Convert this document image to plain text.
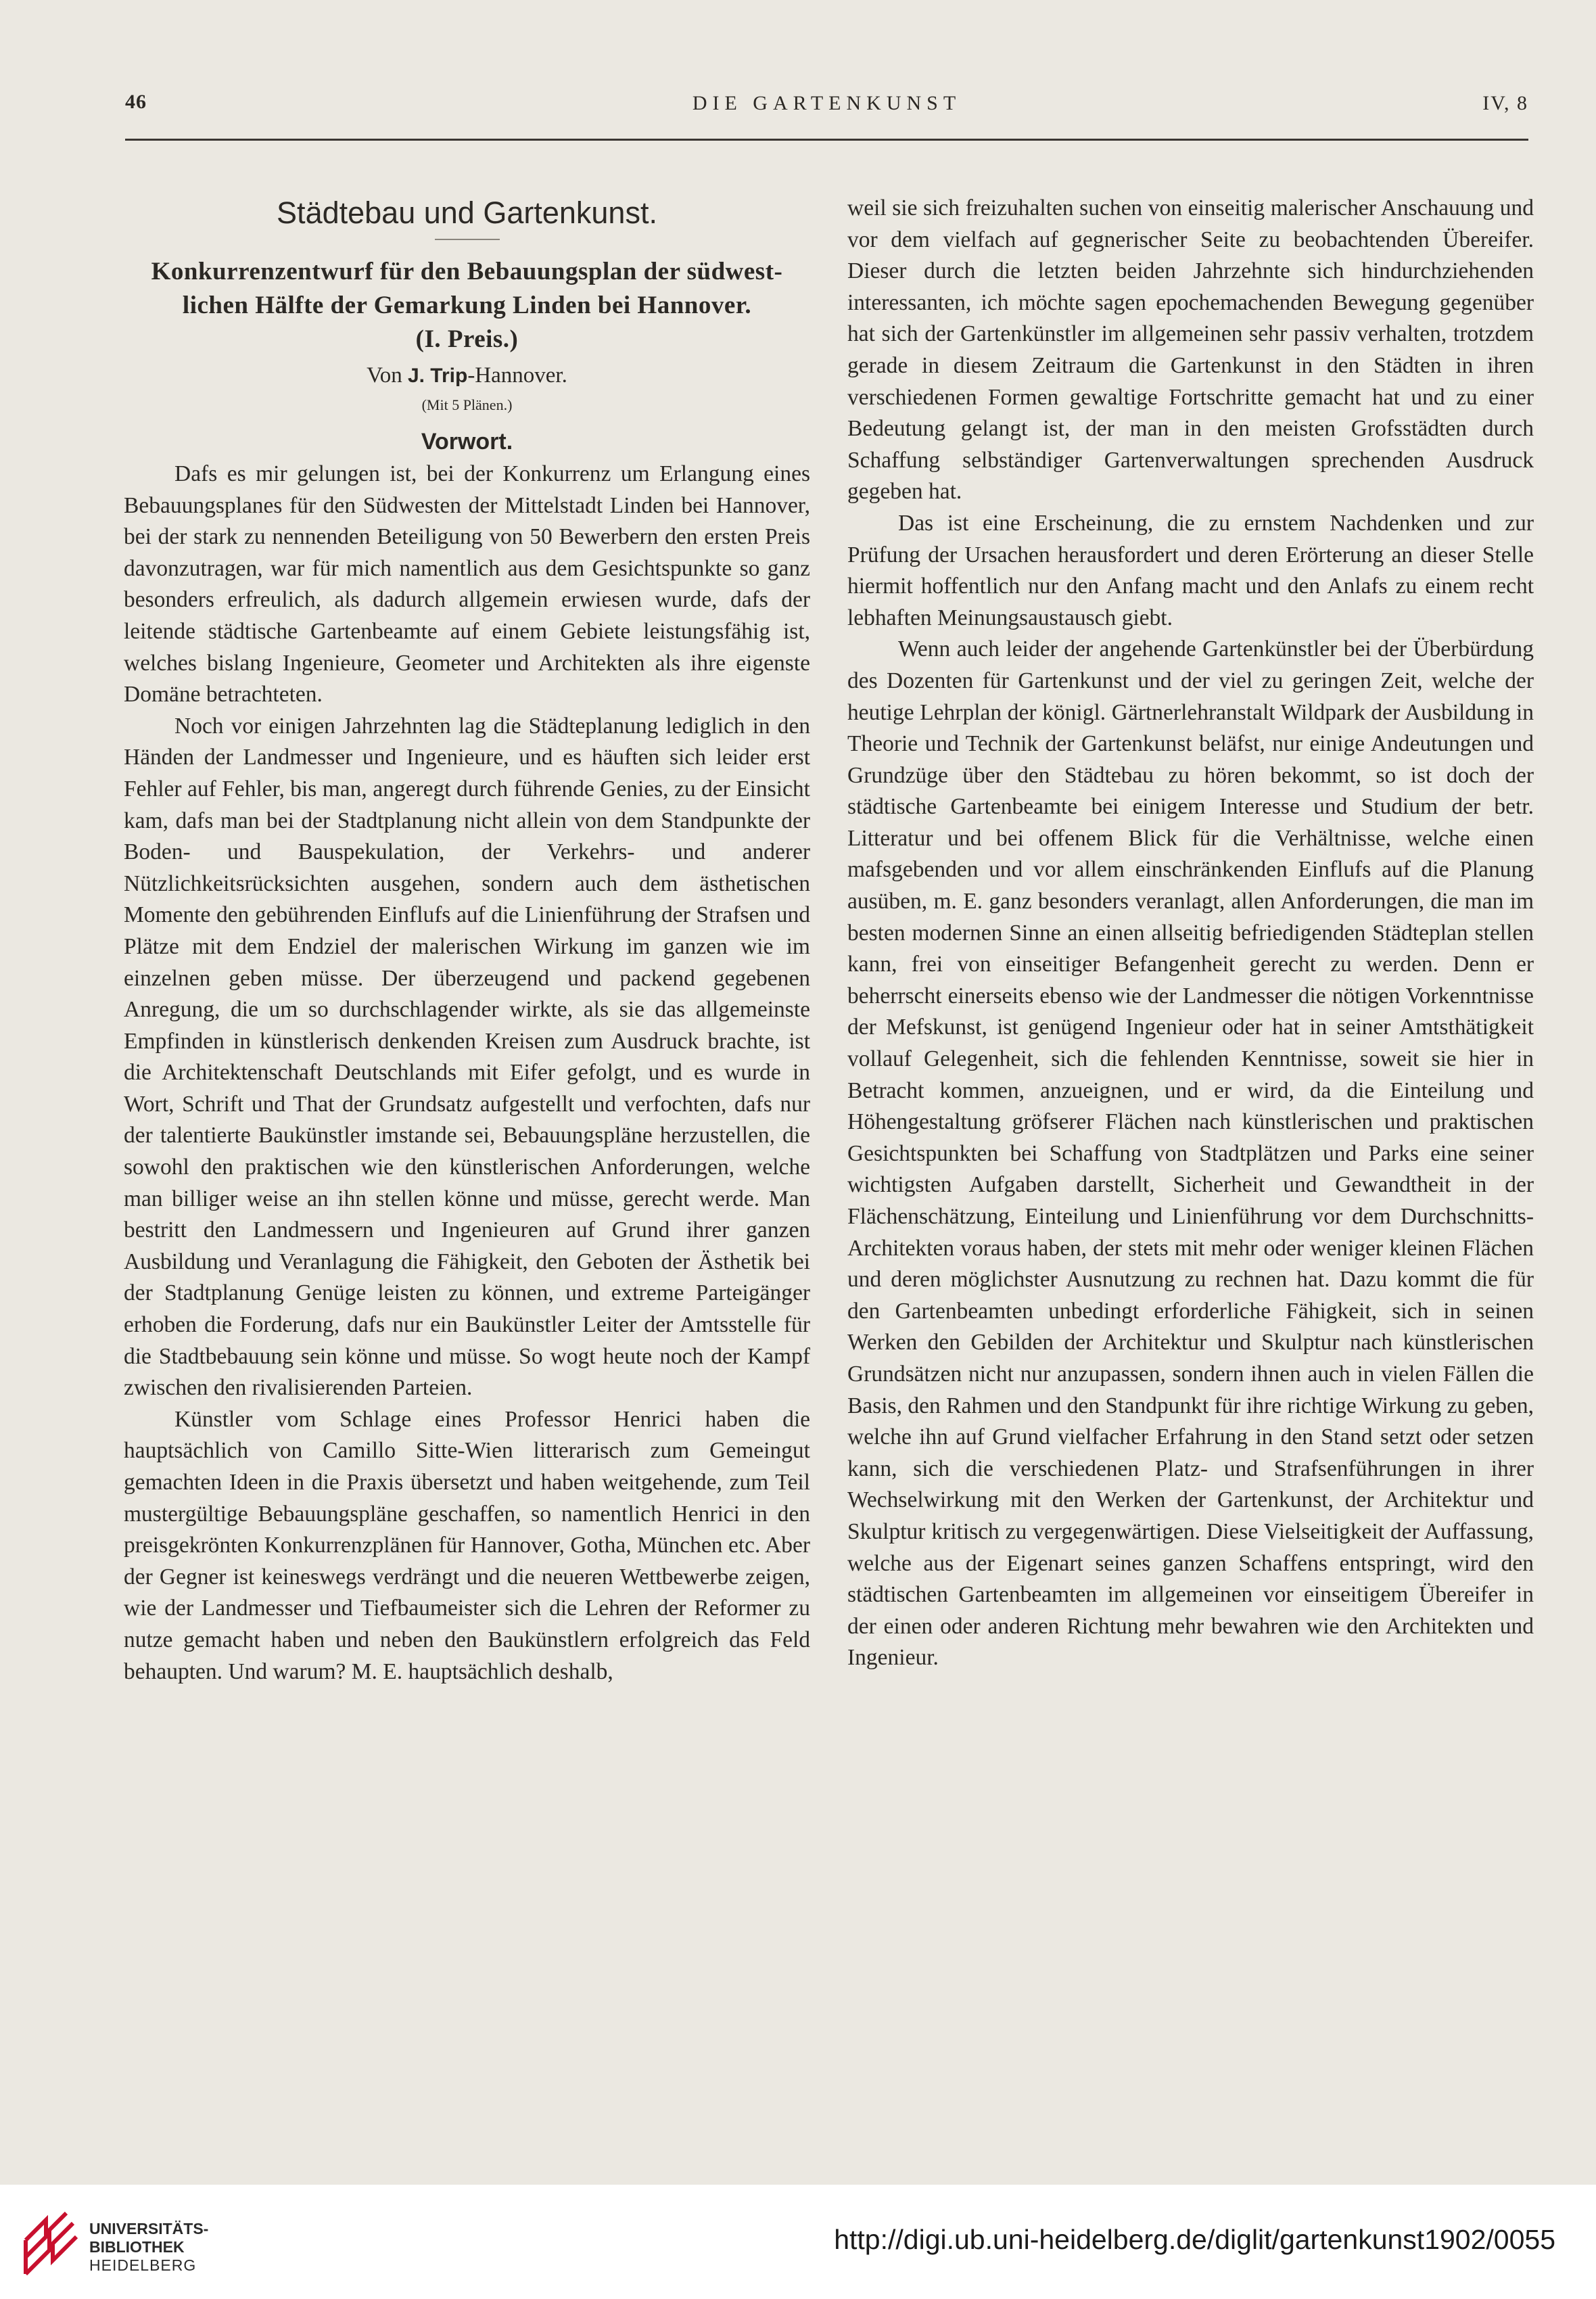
46	DIE GARTENKUNST	IV, 8
Städtebau und Gartenkunst.
Konkurrenzentwurf für den Bebauungsplan der südwest-
lichen Hälfte der Gemarkung Linden bei Hannover.
(I. Preis.)
Von J. Trip-Hannover.
(Mit 5 Plänen.)
Vorwort.

Dafs es mir gelungen ist, bei der Konkurrenz um Erlangung eines Bebauungsplanes für den Südwesten der Mittelstadt Linden bei Hannover, bei der stark zu nennenden Beteiligung von 50 Bewerbern den ersten Preis davonzutragen, war für mich namentlich aus dem Gesichtspunkte so ganz besonders erfreulich, als dadurch allgemein erwiesen wurde, dafs der leitende städtische Gartenbeamte auf einem Gebiete leistungsfähig ist, welches bislang Ingenieure, Geometer und Architekten als ihre eigenste Domäne betrachteten.

Noch vor einigen Jahrzehnten lag die Städteplanung lediglich in den Händen der Landmesser und Ingenieure, und es häuften sich leider erst Fehler auf Fehler, bis man, angeregt durch führende Genies, zu der Einsicht kam, dafs man bei der Stadtplanung nicht allein von dem Standpunkte der Boden- und Bauspekulation, der Verkehrs- und anderer Nützlichkeitsrücksichten ausgehen, sondern auch dem ästhetischen Momente den gebührenden Einflufs auf die Linienführung der Strafsen und Plätze mit dem Endziel der malerischen Wirkung im ganzen wie im einzelnen geben müsse. Der überzeugend und packend gegebenen Anregung, die um so durchschlagender wirkte, als sie das allgemeinste Empfinden in künstlerisch denkenden Kreisen zum Ausdruck brachte, ist die Architektenschaft Deutschlands mit Eifer gefolgt, und es wurde in Wort, Schrift und That der Grundsatz aufgestellt und verfochten, dafs nur der talentierte Baukünstler imstande sei, Bebauungspläne herzustellen, die sowohl den praktischen wie den künstlerischen Anforderungen, welche man billiger weise an ihn stellen könne und müsse, gerecht werde. Man bestritt den Landmessern und Ingenieuren auf Grund ihrer ganzen Ausbildung und Veranlagung die Fähigkeit, den Geboten der Ästhetik bei der Stadtplanung Genüge leisten zu können, und extreme Parteigänger erhoben die Forderung, dafs nur ein Baukünstler Leiter der Amtsstelle für die Stadtbebauung sein könne und müsse. So wogt heute noch der Kampf zwischen den rivalisierenden Parteien.

Künstler vom Schlage eines Professor Henrici haben die hauptsächlich von Camillo Sitte-Wien litterarisch zum Gemeingut gemachten Ideen in die Praxis übersetzt und haben weitgehende, zum Teil mustergültige Bebauungspläne geschaffen, so namentlich Henrici in den preisgekrönten Konkurrenzplänen für Hannover, Gotha, München etc. Aber der Gegner ist keineswegs verdrängt und die neueren Wettbewerbe zeigen, wie der Landmesser und Tiefbaumeister sich die Lehren der Reformer zu nutze gemacht haben und neben den Baukünstlern erfolgreich das Feld behaupten. Und warum? M. E. hauptsächlich deshalb,

weil sie sich freizuhalten suchen von einseitig malerischer Anschauung und vor dem vielfach auf gegnerischer Seite zu beobachtenden Übereifer. Dieser durch die letzten beiden Jahrzehnte sich hindurchziehenden interessanten, ich möchte sagen epochemachenden Bewegung gegenüber hat sich der Gartenkünstler im allgemeinen sehr passiv verhalten, trotzdem gerade in diesem Zeitraum die Gartenkunst in den Städten in ihren verschiedenen Formen gewaltige Fortschritte gemacht hat und zu einer Bedeutung gelangt ist, der man in den meisten Grofsstädten durch Schaffung selbständiger Gartenverwaltungen sprechenden Ausdruck gegeben hat.

Das ist eine Erscheinung, die zu ernstem Nachdenken und zur Prüfung der Ursachen herausfordert und deren Erörterung an dieser Stelle hiermit hoffentlich nur den Anfang macht und den Anlafs zu einem recht lebhaften Meinungsaustausch giebt.

Wenn auch leider der angehende Gartenkünstler bei der Überbürdung des Dozenten für Gartenkunst und der viel zu geringen Zeit, welche der heutige Lehrplan der königl. Gärtnerlehranstalt Wildpark der Ausbildung in Theorie und Technik der Gartenkunst beläfst, nur einige Andeutungen und Grundzüge über den Städtebau zu hören bekommt, so ist doch der städtische Gartenbeamte bei einigem Interesse und Studium der betr. Litteratur und bei offenem Blick für die Verhältnisse, welche einen mafsgebenden und vor allem einschränkenden Einflufs auf die Planung ausüben, m. E. ganz besonders veranlagt, allen Anforderungen, die man im besten modernen Sinne an einen allseitig befriedigenden Städteplan stellen kann, frei von einseitiger Befangenheit gerecht zu werden. Denn er beherrscht einerseits ebenso wie der Landmesser die nötigen Vorkenntnisse der Mefskunst, ist genügend Ingenieur oder hat in seiner Amtsthätigkeit vollauf Gelegenheit, sich die fehlenden Kenntnisse, soweit sie hier in Betracht kommen, anzueignen, und er wird, da die Einteilung und Höhengestaltung gröfserer Flächen nach künstlerischen und praktischen Gesichtspunkten bei Schaffung von Stadtplätzen und Parks eine seiner wichtigsten Aufgaben darstellt, Sicherheit und Gewandtheit in der Flächenschätzung, Einteilung und Linienführung vor dem Durchschnitts-Architekten voraus haben, der stets mit mehr oder weniger kleinen Flächen und deren möglichster Ausnutzung zu rechnen hat. Dazu kommt die für den Gartenbeamten unbedingt erforderliche Fähigkeit, sich in seinen Werken den Gebilden der Architektur und Skulptur nach künstlerischen Grundsätzen nicht nur anzupassen, sondern ihnen auch in vielen Fällen die Basis, den Rahmen und den Standpunkt für ihre richtige Wirkung zu geben, welche ihn auf Grund vielfacher Erfahrung in den Stand setzt oder setzen kann, sich die verschiedenen Platz- und Strafsenführungen in ihrer Wechselwirkung mit den Werken der Gartenkunst, der Architektur und Skulptur kritisch zu vergegenwärtigen. Diese Vielseitigkeit der Auffassung, welche aus der Eigenart seines ganzen Schaffens entspringt, wird den städtischen Gartenbeamten im allgemeinen vor einseitigem Übereifer in der einen oder anderen Richtung mehr bewahren wie den Architekten und Ingenieur.

UNIVERSITÄTS-
BIBLIOTHEK
HEIDELBERG
http://digi.ub.uni-heidelberg.de/diglit/gartenkunst1902/0055
